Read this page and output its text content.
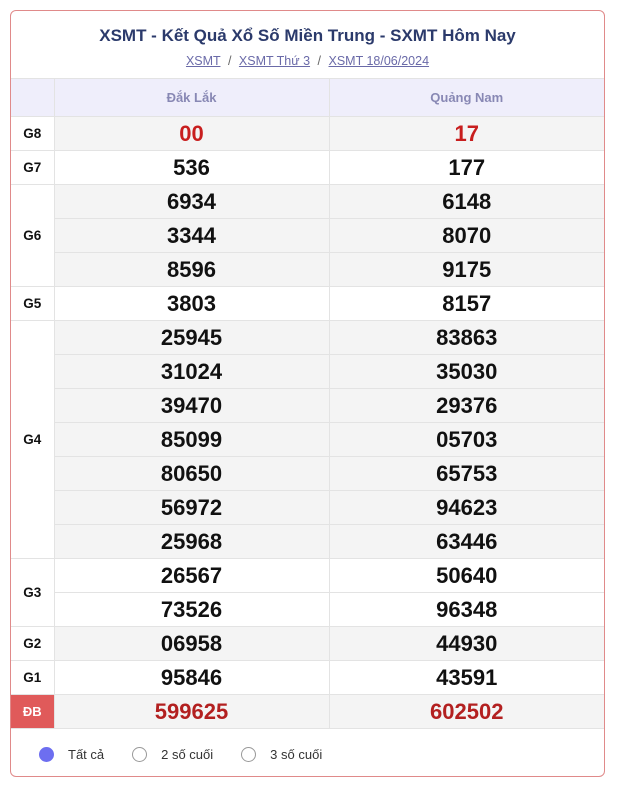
XSMT - Kết Quả Xổ Số Miền Trung - SXMT Hôm Nay
XSMT / XSMT Thứ 3 / XSMT 18/06/2024
	Đắk Lắk	Quảng Nam
G8	00	17
G7	536	177
G6	6934	6148
	3344	8070
	8596	9175
G5	3803	8157
G4	25945	83863
	31024	35030
	39470	29376
	85099	05703
	80650	65753
	56972	94623
	25968	63446
G3	26567	50640
	73526	96348
G2	06958	44930
G1	95846	43591
ĐB	599625	602502
Tất cả	2 số cuối	3 số cuối
